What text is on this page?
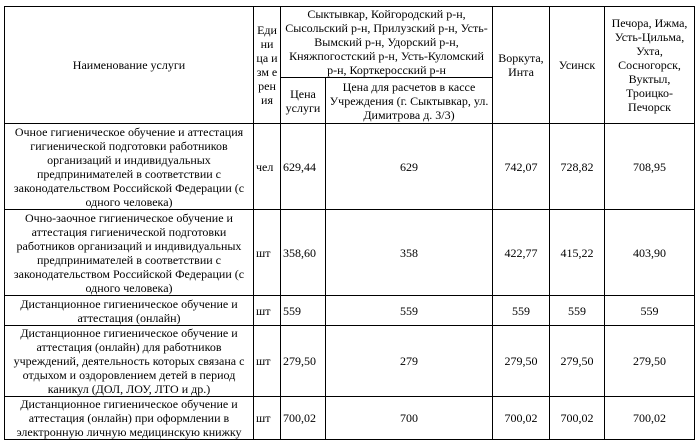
Наименование услуги	Едини ца изм ерен ия	Сыктывкар, Койгородский р-н, Сысольский р-н, Прилузский р-н, Усть-Вымский р-н, Удорский р-н, Княжпогостский р-н, Усть-Куломский р-н, Корткеросский р-н		Воркута, Инта	Усинск	Печора, Ижма, Усть-Цильма, Ухта, Сосногорск, Вуктыл, Троицко-Печорск
		Цена услуги	Цена для расчетов в кассе Учреждения (г. Сыктывкар, ул. Димитрова д. 3/3)			
Очное гигиеническое обучение и аттестация гигиенической подготовки работников организаций и индивидуальных предпринимателей в соответствии с законодательством Российской Федерации (с одного человека)	чел	629,44	629	742,07	728,82	708,95
Очно-заочное гигиеническое обучение и аттестация гигиенической подготовки работников организаций и индивидуальных предпринимателей в соответствии с законодательством Российской Федерации (с одного человека)	шт	358,60	358	422,77	415,22	403,90
Дистанционное гигиеническое обучение и аттестация (онлайн)	шт	559	559	559	559	559
Дистанционное гигиеническое обучение и аттестация (онлайн) для работников учреждений, деятельность которых связана с отдыхом и оздоровлением детей в период каникул (ДОЛ, ЛОУ, ЛТО и др.)	шт	279,50	279	279,50	279,50	279,50
Дистанционное гигиеническое обучение и аттестация (онлайн) при оформлении в электронную личную медицинскую книжку	шт	700,02	700	700,02	700,02	700,02
